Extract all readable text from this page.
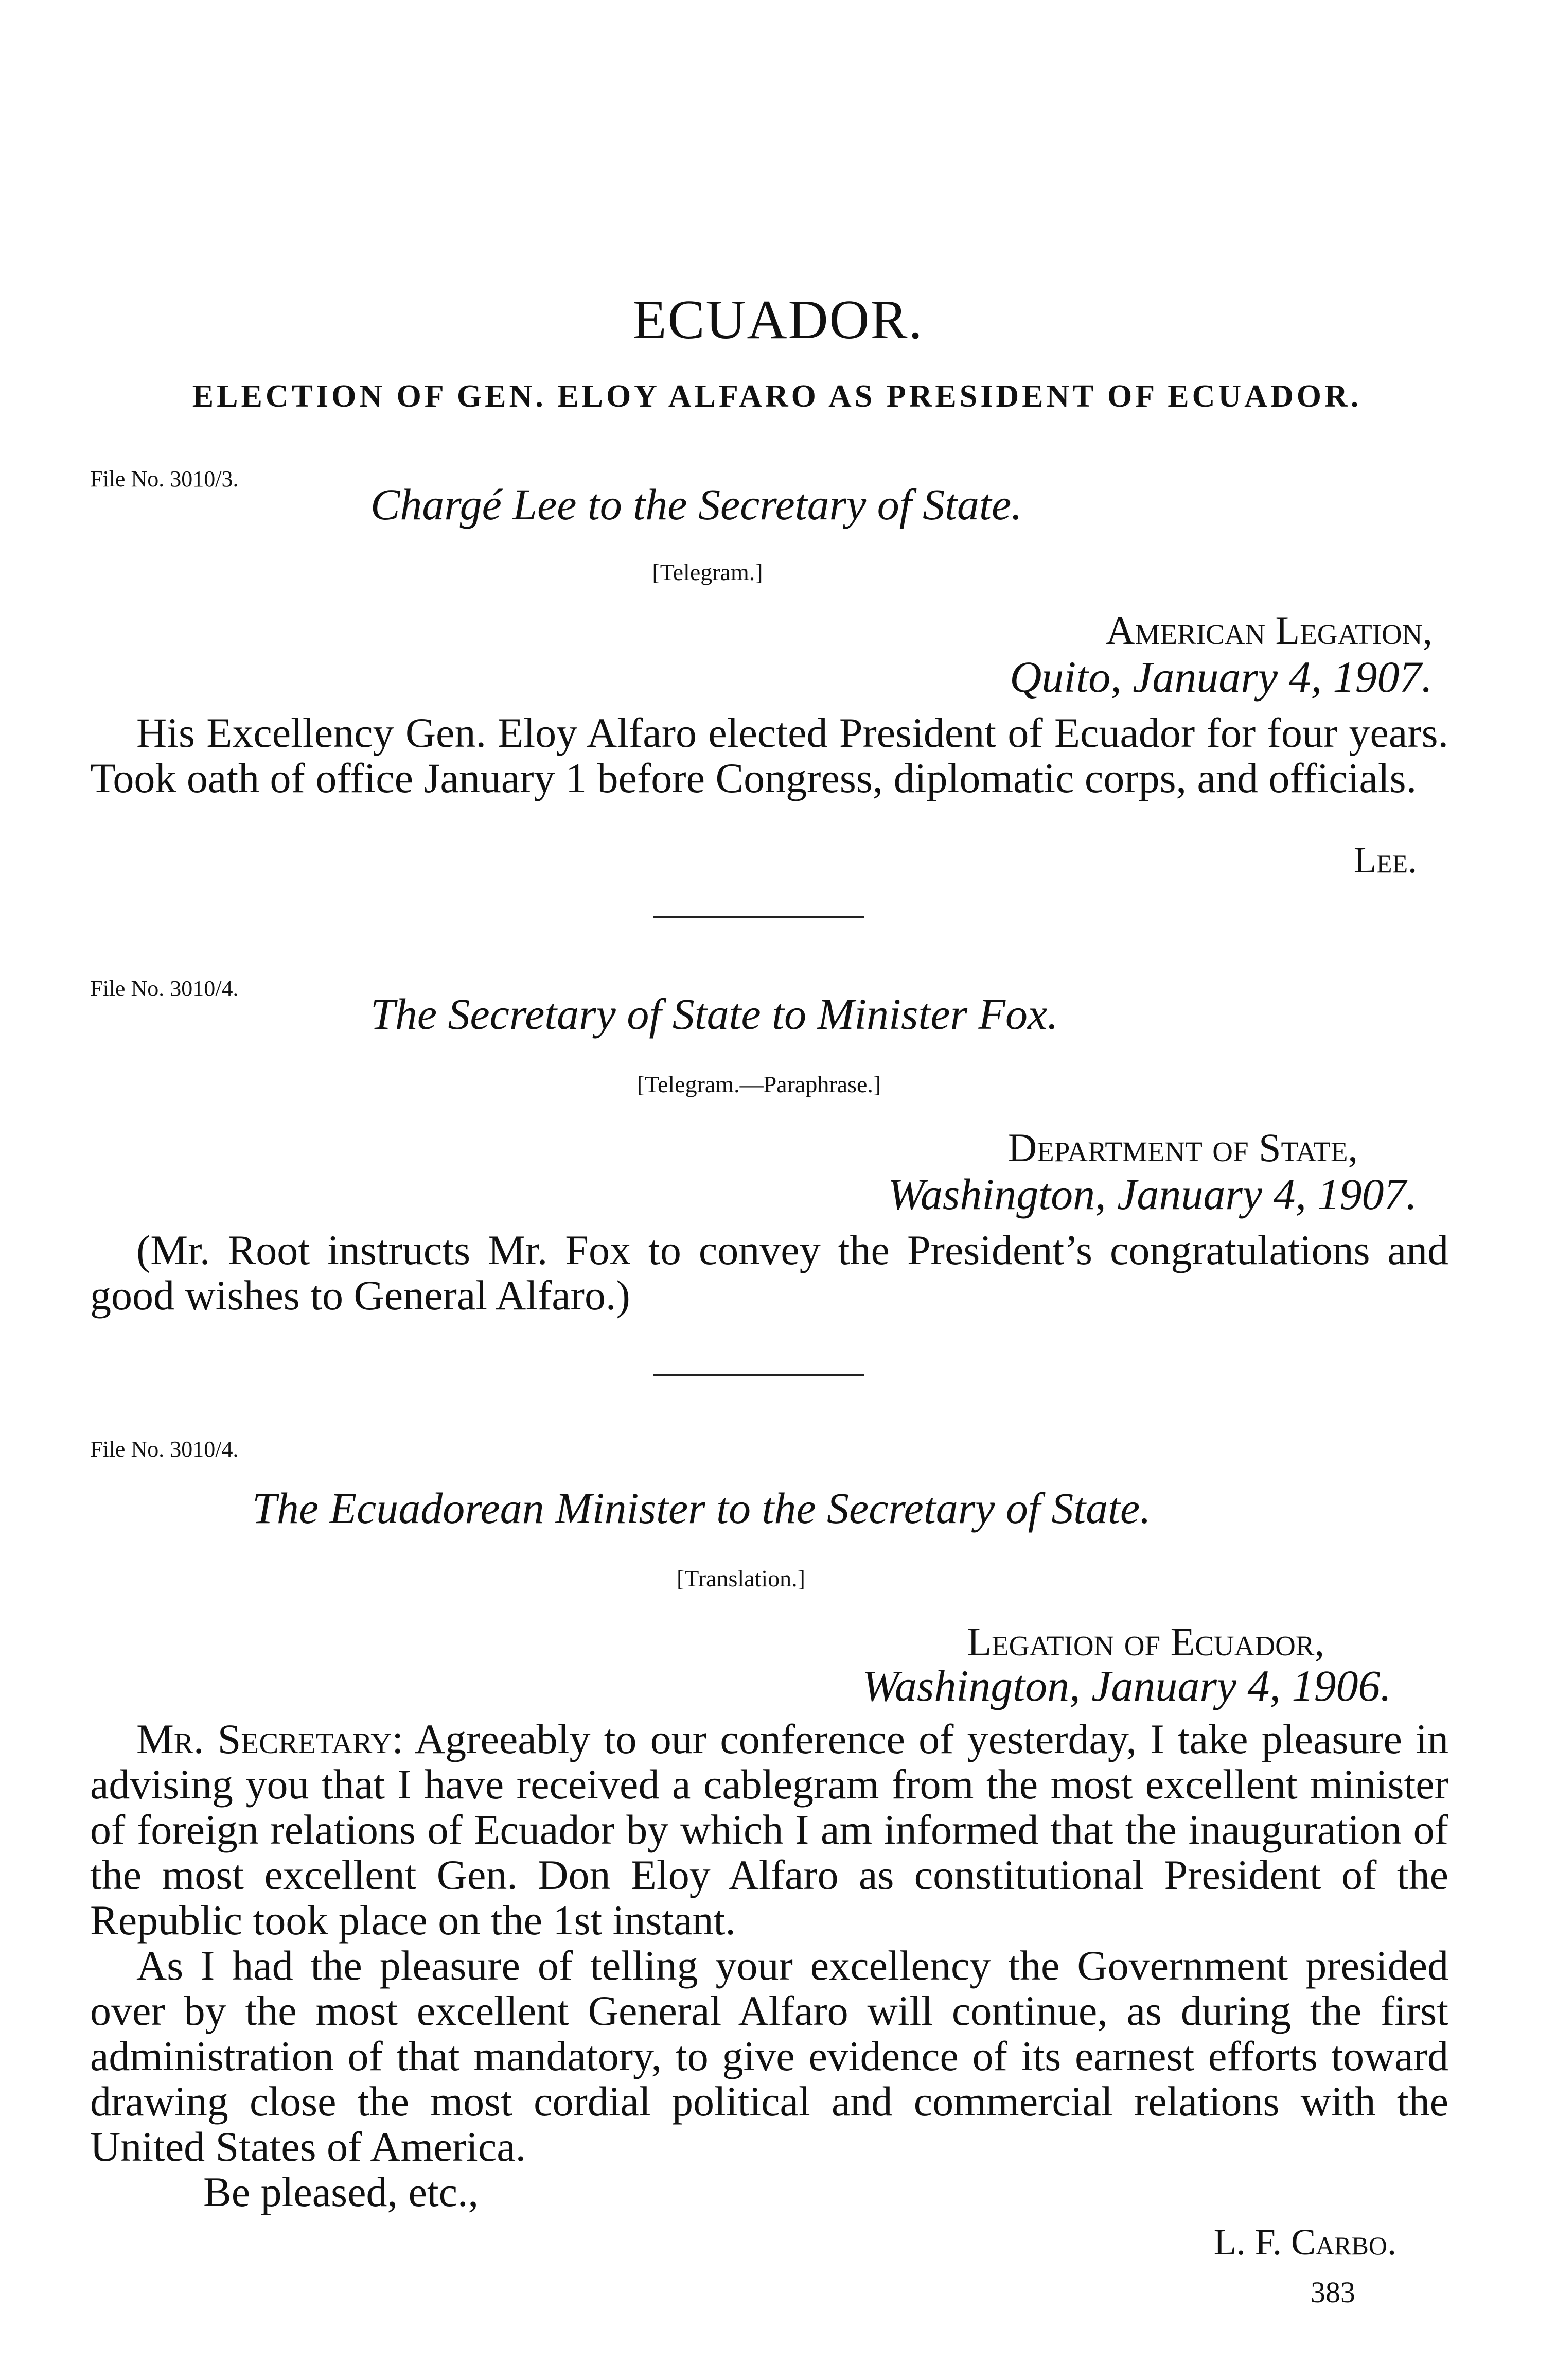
ECUADOR.
ELECTION OF GEN. ELOY ALFARO AS PRESIDENT OF ECUADOR.
File No. 3010/3.
Chargé Lee to the Secretary of State.
[Telegram.]
American Legation,
Quito, January 4, 1907.

His Excellency Gen. Eloy Alfaro elected President of Ecuador for four years. Took oath of office January 1 before Congress, diplomatic corps, and officials.

Lee.
File No. 3010/4.
The Secretary of State to Minister Fox.
[Telegram.—Paraphrase.]
Department of State,
Washington, January 4, 1907.

(Mr. Root instructs Mr. Fox to convey the President’s congratulations and good wishes to General Alfaro.)

File No. 3010/4.
The Ecuadorean Minister to the Secretary of State.
[Translation.]
Legation of Ecuador,
Washington, January 4, 1906.

Mr. Secretary: Agreeably to our conference of yesterday, I take pleasure in advising you that I have received a cablegram from the most excellent minister of foreign relations of Ecuador by which I am informed that the inauguration of the most excellent Gen. Don Eloy Alfaro as constitutional President of the Republic took place on the 1st instant.

As I had the pleasure of telling your excellency the Government presided over by the most excellent General Alfaro will continue, as during the first administration of that mandatory, to give evidence of its earnest efforts toward drawing close the most cordial political and commercial relations with the United States of America.

Be pleased, etc.,

L. F. Carbo.
383
